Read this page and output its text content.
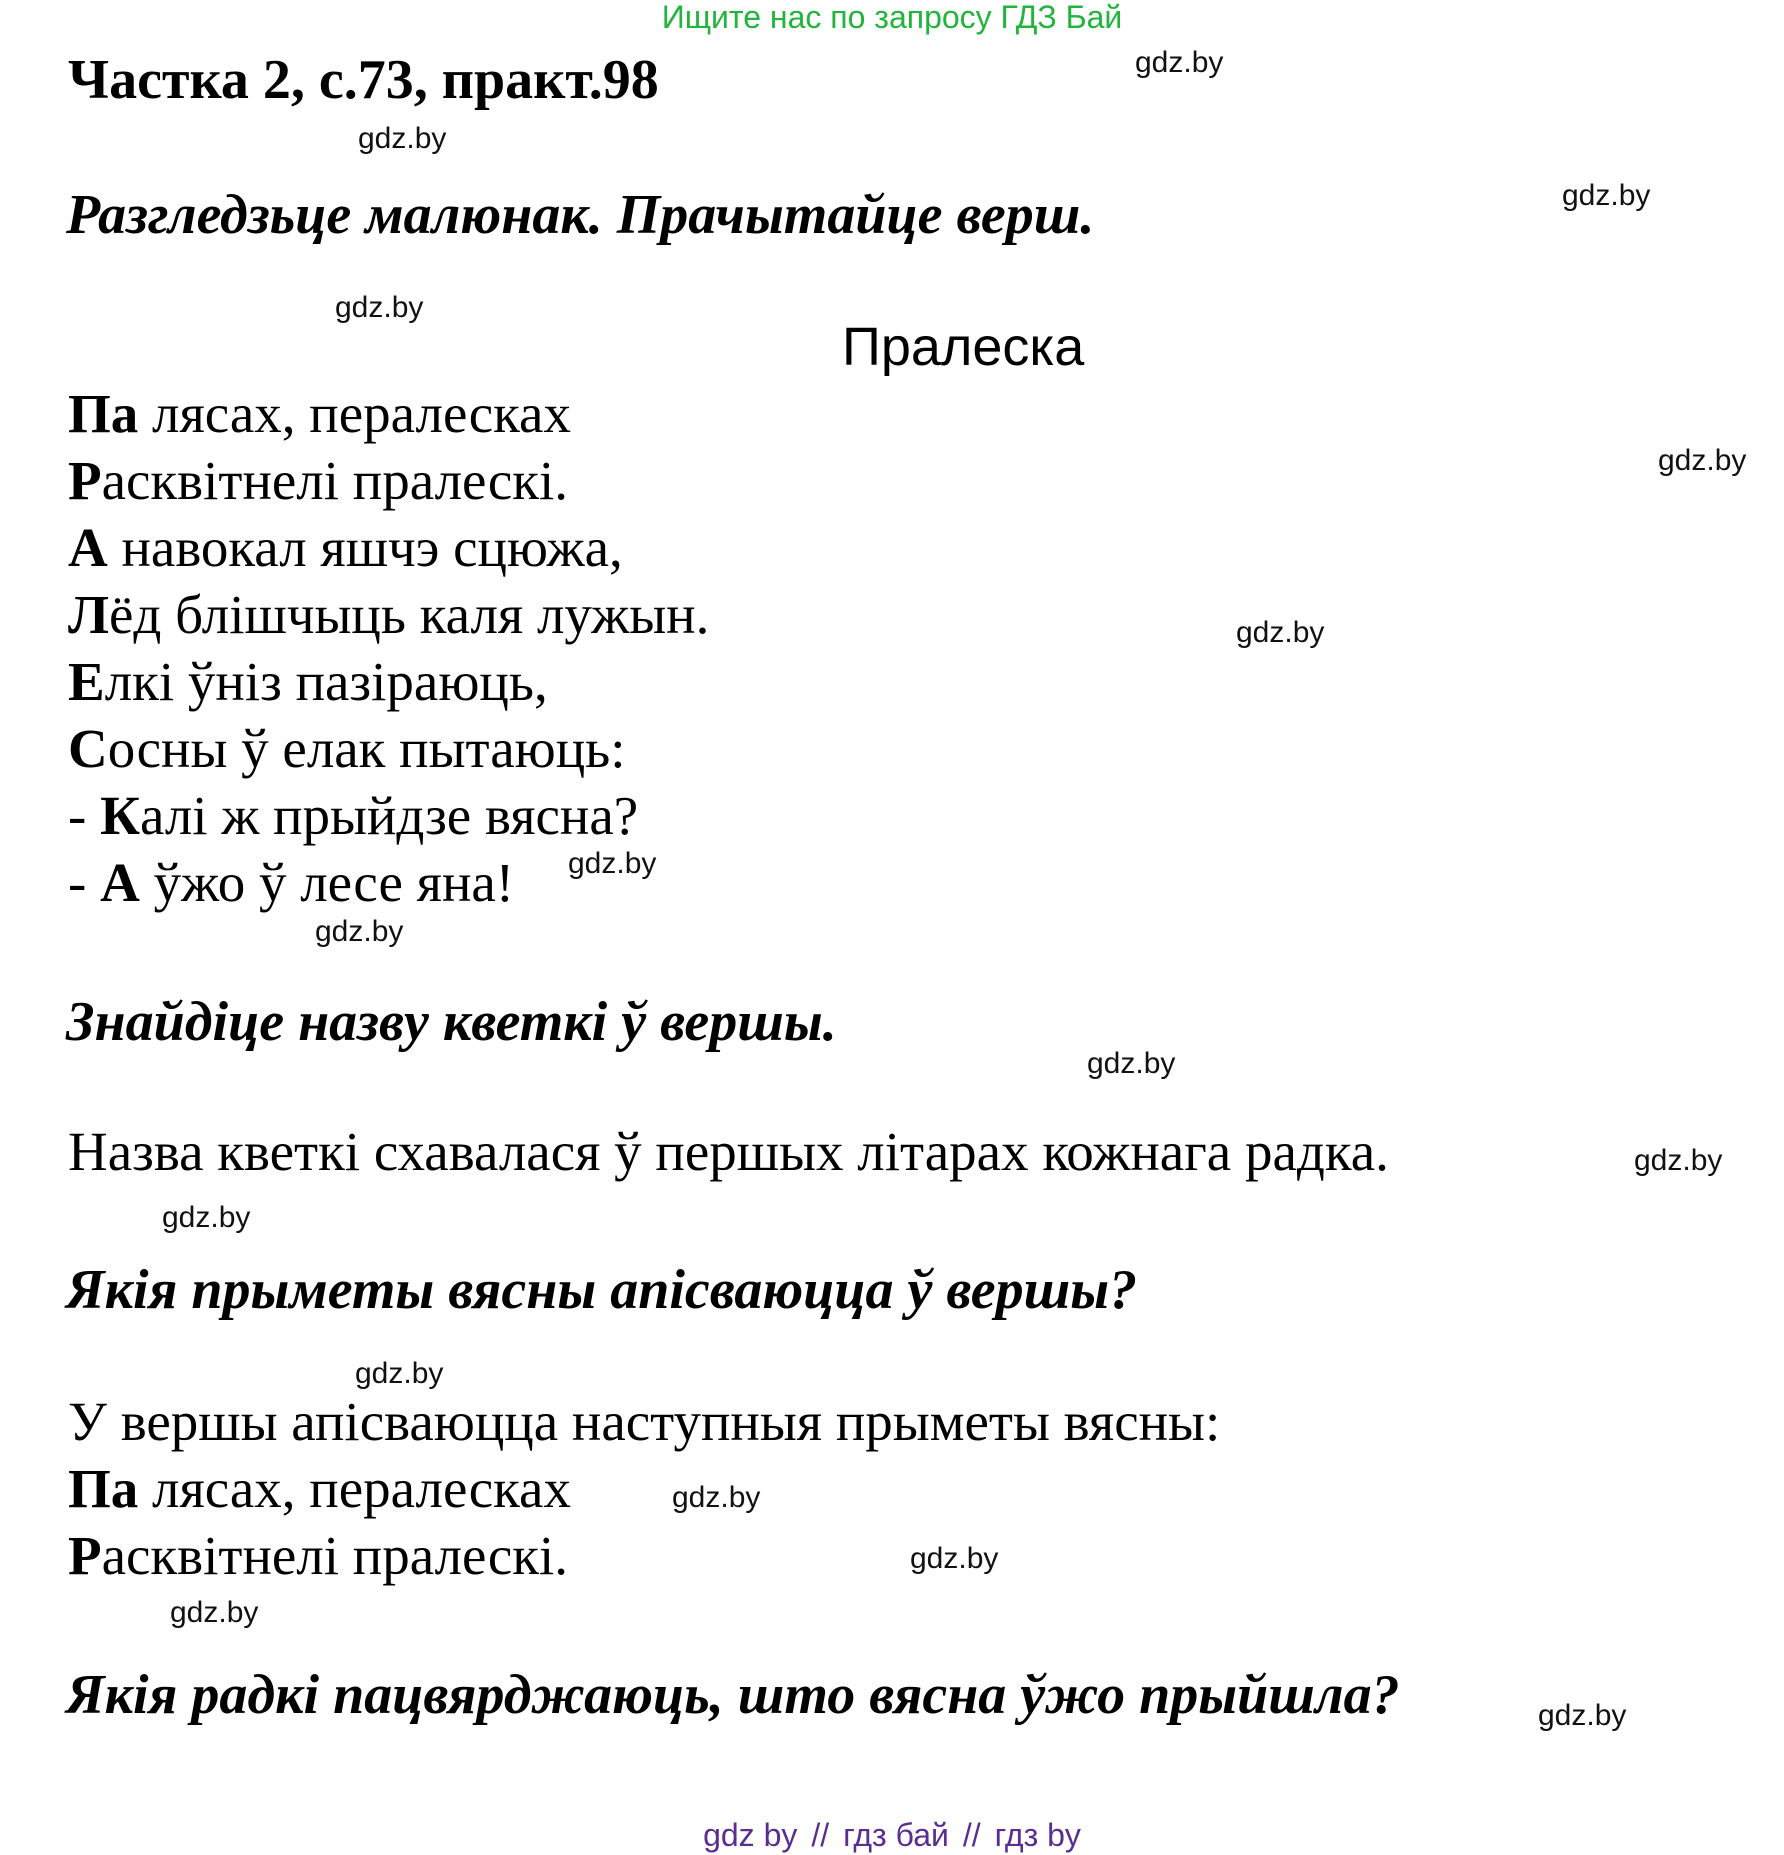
Ищите нас по запросу ГДЗ Бай
Частка 2, с.73, практ.98
Разгледзьце малюнак. Прачытайце верш.
Пралеска
Па лясах, пералесках
Расквітнелі пралескі.
А навокал яшчэ сцюжа,
Лёд блішчыць каля лужын.
Елкі ўніз пазіраюць,
Сосны ў елак пытаюць:
- Калі ж прыйдзе вясна?
- А ўжо ў лесе яна!
Знайдіце назву кветкі ў вершы.
Назва кветкі схавалася ў першых літарах кожнага радка.
Якія прыметы вясны апісваюцца ў вершы?
У вершы апісваюцца наступныя прыметы вясны:
Па лясах, пералесках
Расквітнелі пралескі.
Якія радкі пацвярджаюць, што вясна ўжо прыйшла?
gdz.by
gdz.by
gdz.by
gdz.by
gdz.by
gdz.by
gdz.by
gdz.by
gdz.by
gdz.by
gdz.by
gdz.by
gdz.by
gdz.by
gdz.by
gdz.by
gdz by // гдз бай // гдз by
